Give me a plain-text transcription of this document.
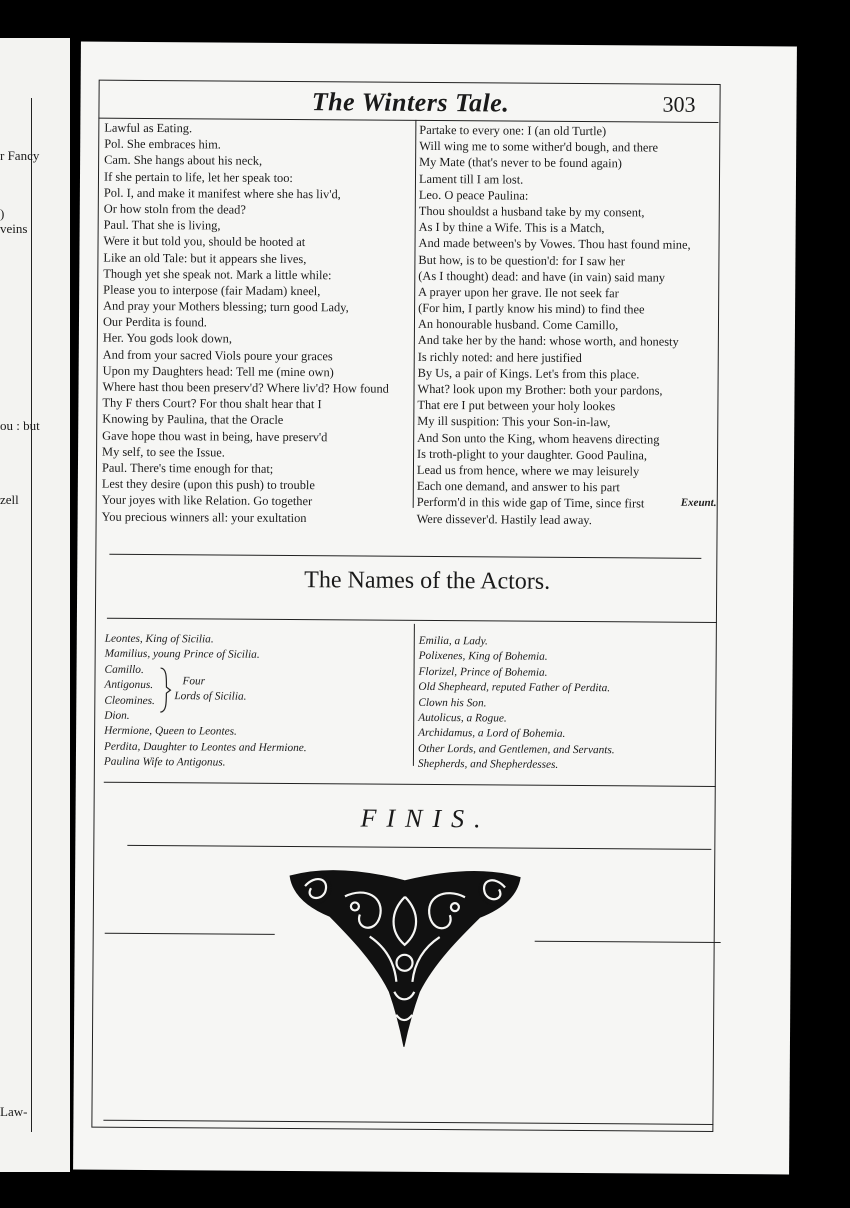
r Fancy
)
veins
ou : but
zell
Law-
The Winters Tale.	303
Lawful as Eating.
Pol. She embraces him.
Cam. She hangs about his neck,
If she pertain to life, let her speak too:
Pol. I, and make it manifest where she has liv'd,
Or how stoln from the dead?
Paul. That she is living,
Were it but told you, should be hooted at
Like an old Tale: but it appears she lives,
Though yet she speak not. Mark a little while:
Please you to interpose (fair Madam) kneel,
And pray your Mothers blessing; turn good Lady,
Our Perdita is found.
Her. You gods look down,
And from your sacred Viols poure your graces
Upon my Daughters head: Tell me (mine own)
Where hast thou been preserv'd? Where liv'd? How found
Thy F thers Court? For thou shalt hear that I
Knowing by Paulina, that the Oracle
Gave hope thou wast in being, have preserv'd
My self, to see the Issue.
Paul. There's time enough for that;
Lest they desire (upon this push) to trouble
Your joyes with like Relation. Go together
You precious winners all: your exultation
Partake to every one: I (an old Turtle)
Will wing me to some wither'd bough, and there
My Mate (that's never to be found again)
Lament till I am lost.
Leo. O peace Paulina:
Thou shouldst a husband take by my consent,
As I by thine a Wife. This is a Match,
And made between's by Vowes. Thou hast found mine,
But how, is to be question'd: for I saw her
(As I thought) dead: and have (in vain) said many
A prayer upon her grave. Ile not seek far
(For him, I partly know his mind) to find thee
An honourable husband. Come Camillo,
And take her by the hand: whose worth, and honesty
Is richly noted: and here justified
By Us, a pair of Kings. Let's from this place.
What? look upon my Brother: both your pardons,
That ere I put between your holy lookes
My ill suspition: This your Son-in-law,
And Son unto the King, whom heavens directing
Is troth-plight to your daughter. Good Paulina,
Lead us from hence, where we may leisurely
Each one demand, and answer to his part
Perform'd in this wide gap of Time, since first
Were dissever'd. Hastily lead away.
Exeunt.
The Names of the Actors.
Leontes, King of Sicilia.
Mamilius, young Prince of Sicilia.
Camillo.
Antigonus.
Cleomines.
Dion.
Hermione, Queen to Leontes.
Perdita, Daughter to Leontes and Hermione.
Paulina Wife to Antigonus.
Four
Lords of Sicilia.
Emilia, a Lady.
Polixenes, King of Bohemia.
Florizel, Prince of Bohemia.
Old Shepheard, reputed Father of Perdita.
Clown his Son.
Autolicus, a Rogue.
Archidamus, a Lord of Bohemia.
Other Lords, and Gentlemen, and Servants.
Shepherds, and Shepherdesses.
FINIS.
